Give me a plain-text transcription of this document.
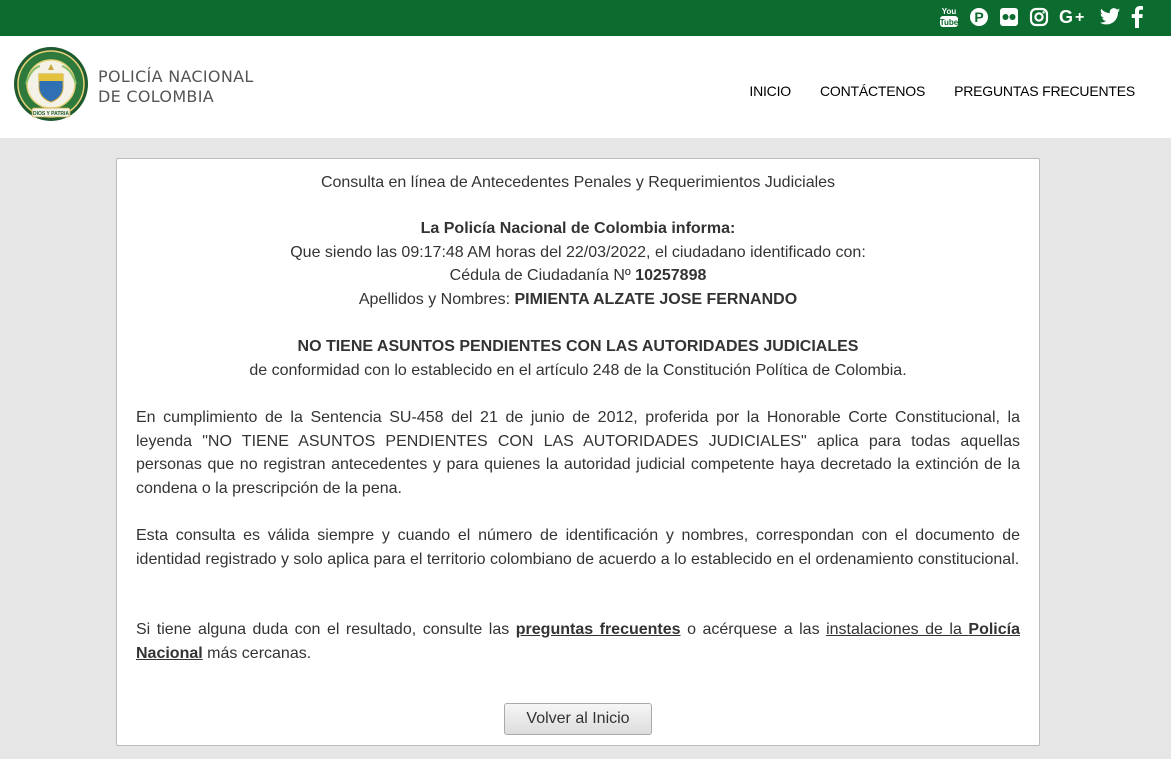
You
Tube P	G +
DIOS Y PATRIA
POLICÍA NACIONAL
DE COLOMBIA	INICIO CONTÁCTENOS PREGUNTAS FRECUENTES
Consulta en línea de Antecedentes Penales y Requerimientos Judiciales
La Policía Nacional de Colombia informa:
Que siendo las 09:17:48 AM horas del 22/03/2022, el ciudadano identificado con:
Cédula de Ciudadanía Nº 10257898
Apellidos y Nombres: PIMIENTA ALZATE JOSE FERNANDO
NO TIENE ASUNTOS PENDIENTES CON LAS AUTORIDADES JUDICIALES
de conformidad con lo establecido en el artículo 248 de la Constitución Política de Colombia.
En cumplimiento de la Sentencia SU-458 del 21 de junio de 2012, proferida por la Honorable Corte Constitucional, la leyenda "NO TIENE ASUNTOS PENDIENTES CON LAS AUTORIDADES JUDICIALES" aplica para todas aquellas personas que no registran antecedentes y para quienes la autoridad judicial competente haya decretado la extinción de la condena o la prescripción de la pena.
Esta consulta es válida siempre y cuando el número de identificación y nombres, correspondan con el documento de identidad registrado y solo aplica para el territorio colombiano de acuerdo a lo establecido en el ordenamiento constitucional.
Si tiene alguna duda con el resultado, consulte las preguntas frecuentes o acérquese a las instalaciones de la Policía Nacional más cercanas.
Volver al Inicio
